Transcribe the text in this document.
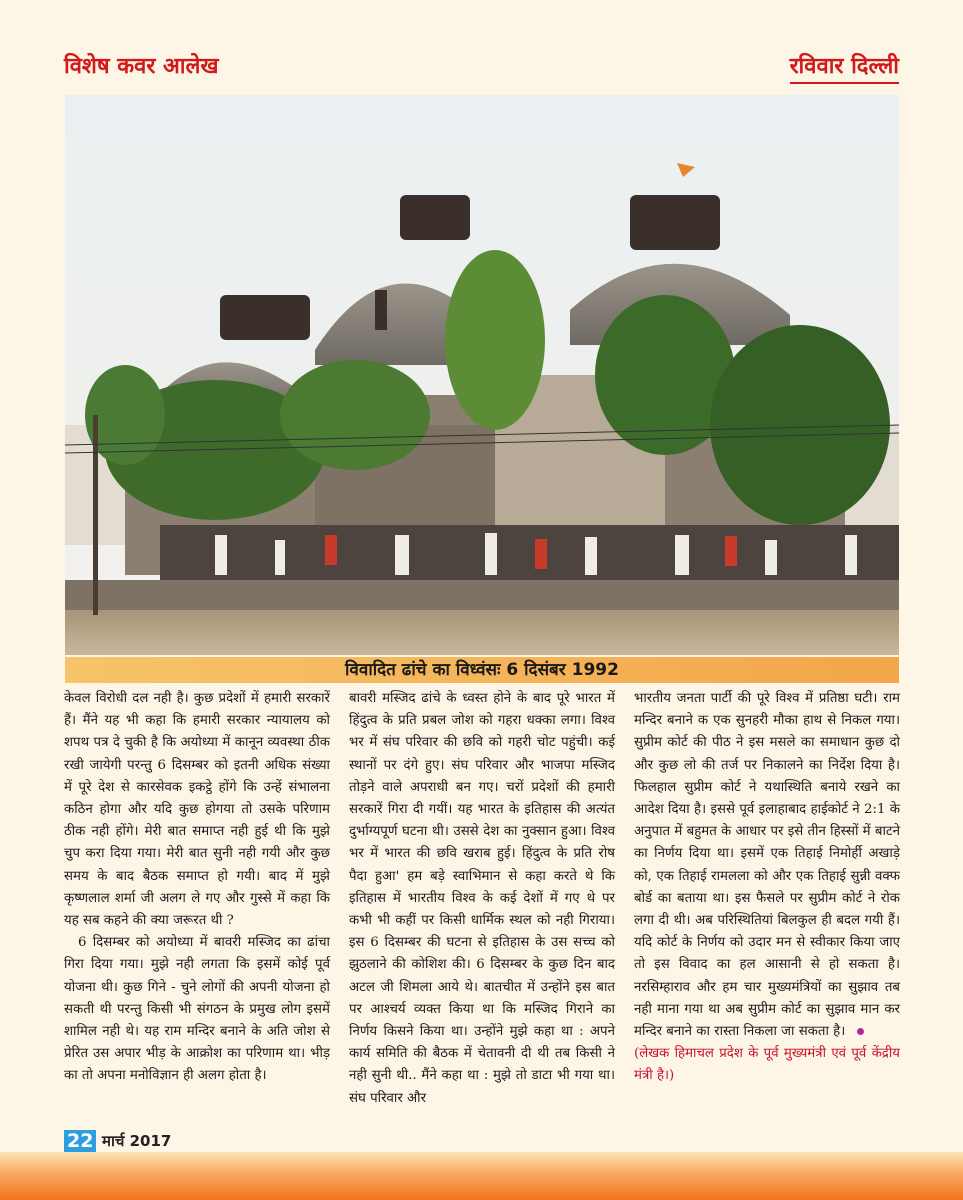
विशेष कवर आलेख	रविवार दिल्ली
विवादित ढांचे का विध्वंसः 6 दिसंबर 1992

केवल विरोधी दल नही है। कुछ प्रदेशों में हमारी सरकारें हैं। मैंने यह भी कहा कि हमारी सरकार न्यायालय को शपथ पत्र दे चुकी है कि अयोध्या में कानून व्यवस्था ठीक रखी जायेगी परन्तु 6 दिसम्बर को इतनी अधिक संख्या में पूरे देश से कारसेवक इकट्ठे होंगे कि उन्हें संभालना कठिन होगा और यदि कुछ होगया तो उसके परिणाम ठीक नही होंगे। मेरी बात समाप्त नही हुई थी कि मुझे चुप करा दिया गया। मेरी बात सुनी नही गयी और कुछ समय के बाद बैठक समाप्त हो गयी। बाद में मुझे कृष्णलाल शर्मा जी अलग ले गए और गुस्से में कहा कि यह सब कहने की क्या जरूरत थी ?

6 दिसम्बर को अयोध्या में बावरी मस्जिद का ढांचा गिरा दिया गया। मुझे नही लगता कि इसमें कोई पूर्व योजना थी। कुछ गिने - चुने लोगों की अपनी योजना हो सकती थी परन्तु किसी भी संगठन के प्रमुख लोग इसमें शामिल नही थे। यह राम मन्दिर बनाने के अति जोश से प्रेरित उस अपार भीड़ के आक्रोश का परिणाम था। भीड़ का तो अपना मनोविज्ञान ही अलग होता है।

बावरी मस्जिद ढांचे के ध्वस्त होने के बाद पूरे भारत में हिंदुत्व के प्रति प्रबल जोश को गहरा धक्का लगा। विश्व भर में संघ परिवार की छवि को गहरी चोट पहुंची। कई स्थानों पर दंगे हुए। संघ परिवार और भाजपा मस्जिद तोड़ने वाले अपराधी बन गए। चरों प्रदेशों की हमारी सरकारें गिरा दी गयीं। यह भारत के इतिहास की अत्यंत दुर्भाग्यपूर्ण घटना थी। उससे देश का नुक्सान हुआ। विश्व भर में भारत की छवि खराब हुई। हिंदुत्व के प्रति रोष पैदा हुआ' हम बड़े स्वाभिमान से कहा करते थे कि इतिहास में भारतीय विश्व के कई देशों में गए थे पर कभी भी कहीं पर किसी धार्मिक स्थल को नही गिराया। इस 6 दिसम्बर की घटना से इतिहास के उस सच्च को झुठलाने की कोशिश की। 6 दिसम्बर के कुछ दिन बाद अटल जी शिमला आये थे। बातचीत में उन्होंने इस बात पर आश्चर्य व्यक्त किया था कि मस्जिद गिराने का निर्णय किसने किया था। उन्होंने मुझे कहा था : अपने कार्य समिति की बैठक में चेतावनी दी थी तब किसी ने नही सुनी थी.. मैंने कहा था : मुझे तो डाटा भी गया था। संघ परिवार और

भारतीय जनता पार्टी की पूरे विश्व में प्रतिष्ठा घटी। राम मन्दिर बनाने क एक सुनहरी मौका हाथ से निकल गया। सुप्रीम कोर्ट की पीठ ने इस मसले का समाधान कुछ दो और कुछ लो की तर्ज पर निकालने का निर्देश दिया है। फिलहाल सुप्रीम कोर्ट ने यथास्थिति बनाये रखने का आदेश दिया है। इससे पूर्व इलाहाबाद हाईकोर्ट ने 2:1 के अनुपात में बहुमत के आधार पर इसे तीन हिस्सों में बाटने का निर्णय दिया था। इसमें एक तिहाई निमोर्ही अखाड़े को, एक तिहाई रामलला को और एक तिहाई सुन्नी वक्फ बोर्ड का बताया था। इस फैसले पर सुप्रीम कोर्ट ने रोक लगा दी थी। अब परिस्थितियां बिलकुल ही बदल गयी हैं। यदि कोर्ट के निर्णय को उदार मन से स्वीकार किया जाए तो इस विवाद का हल आसानी से हो सकता है। नरसिम्हाराव और हम चार मुख्यमंत्रियों का सुझाव तब नही माना गया था अब सुप्रीम कोर्ट का सुझाव मान कर मन्दिर बनाने का रास्ता निकला जा सकता है।

(लेखक हिमाचल प्रदेश के पूर्व मुख्यमंत्री एवं पूर्व केंद्रीय मंत्री है।)

22 मार्च 2017
